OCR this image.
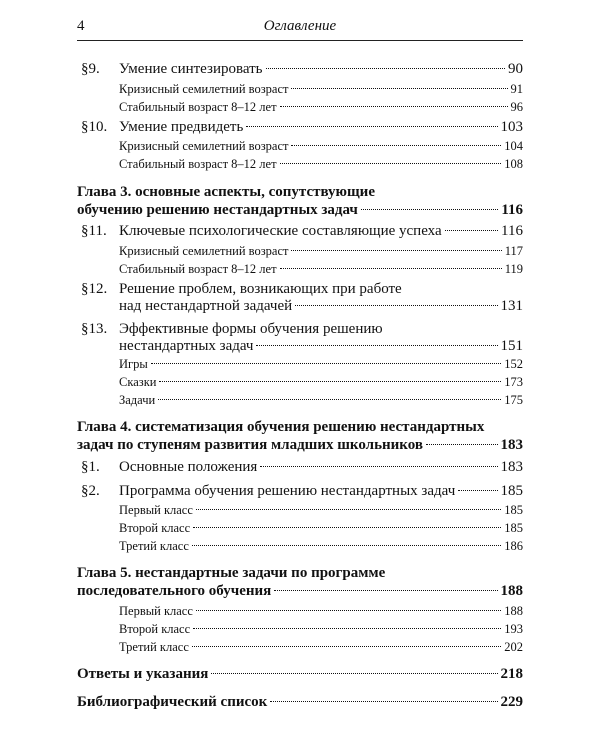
4	Оглавление
§9. Умение синтезировать	90
Кризисный семилетний возраст	91
Стабильный возраст 8–12 лет	96
§10. Умение предвидеть	103
Кризисный семилетний возраст	104
Стабильный возраст 8–12 лет	108
Глава 3. основные аспекты, сопутствующие
обучению решению нестандартных задач	116
§11. Ключевые психологические составляющие успеха	116
Кризисный семилетний возраст	117
Стабильный возраст 8–12 лет	119
§12. Решение проблем, возникающих при работе
над нестандартной задачей	131
§13. Эффективные формы обучения решению
нестандартных задач	151
Игры	152
Сказки	173
Задачи	175
Глава 4. систематизация обучения решению нестандартных
задач по ступеням развития младших школьников	183
§1. Основные положения	183
§2. Программа обучения решению нестандартных задач	185
Первый класс	185
Второй класс	185
Третий класс	186
Глава 5. нестандартные задачи по программе
последовательного обучения	188
Первый класс	188
Второй класс	193
Третий класс	202
Ответы и указания	218
Библиографический список	229
